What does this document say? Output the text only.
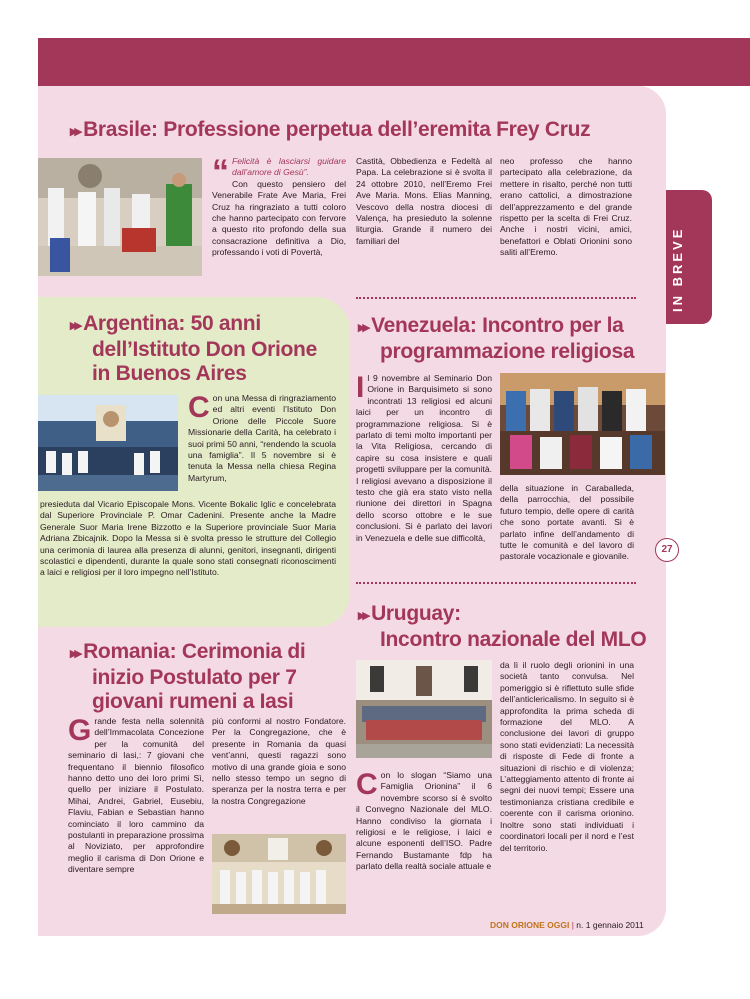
IN BREVE
▸▸ Brasile: Professione perpetua dell’eremita Frey Cruz
“ Felicità è lasciarsi guidare dall’amore di Gesù”.
Con questo pensiero del Venerabile Frate Ave Maria, Frei Cruz ha ringraziato a tutti coloro che hanno partecipato con fervore a questo rito profondo della sua consacrazione definitiva a Dio, professando i voti di Povertà,
Castità, Obbedienza e Fedeltà al Papa. La celebrazione si è svolta il 24 ottobre 2010, nell’Eremo Frei Ave Maria. Mons. Elias Manning, Vescovo della nostra diocesi di Valença, ha presieduto la solenne liturgia. Grande il numero dei familiari del
neo professo che hanno partecipato alla celebrazione, da mettere in risalto, perché non tutti erano cattolici, a dimostrazione dell’apprezzamento e del grande rispetto per la scelta di Frei Cruz. Anche i nostri vicini, amici, benefattori e Oblati Orionini sono saliti all’Eremo.
▸▸ Argentina: 50 anni
dell’Istituto Don Orione
in Buenos Aires
Con una Messa di ringraziamento ed altri eventi l’Istituto Don Orione delle Piccole Suore Missionarie della Carità, ha celebrato i suoi primi 50 anni, “rendendo la scuola una famiglia”. Il 5 novembre si è tenuta la Messa nella chiesa Regina Martyrum,
presieduta dal Vicario Episcopale Mons. Vicente Bokalic Iglic e concelebrata dal Superiore Provinciale P. Omar Cadenini. Presente anche la Madre Generale Suor Maria Irene Bizzotto e la Superiore provinciale Suor Maria Adriana Zbicajnik. Dopo la Messa si è svolta presso le strutture del Collegio una cerimonia di laurea alla presenza di alunni, genitori, insegnanti, dirigenti scolastici e dipendenti, durante la quale sono stati consegnati riconoscimenti a laici e religiosi per il loro impegno nell’Istituto.
▸▸ Venezuela: Incontro per la
programmazione religiosa
Il 9 novembre al Seminario Don Orione in Barquisimeto si sono incontrati 13 religiosi ed alcuni laici per un incontro di programmazione religiosa. Si è parlato di temi molto importanti per la Vita Religiosa, cercando di capire su cosa insistere e quali progetti sviluppare per la comunità. I religiosi avevano a disposizione il testo che già era stato visto nella riunione dei direttori in Spagna dello scorso ottobre e le sue conclusioni. Si è parlato dei lavori in Venezuela e delle sue difficoltà,
della situazione in Caraballeda, della parrocchia, del possibile futuro tempio, delle opere di carità che sono portate avanti. Si è parlato infine dell’andamento di tutte le comunità e del lavoro di pastorale vocazionale e giovanile.
▸▸ Romania: Cerimonia di
inizio Postulato per 7
giovani rumeni a Iasi
Grande festa nella solennità dell’Immacolata Concezione per la comunità del seminario di Iasi,: 7 giovani che frequentano il biennio filosofico hanno detto uno dei loro primi Sì, quello per iniziare il Postulato. Mihai, Andrei, Gabriel, Eusebiu, Flaviu, Fabian e Sebastian hanno cominciato il loro cammino da postulanti in preparazione prossima al Noviziato, per approfondire meglio il carisma di Don Orione e diventare sempre
più conformi al nostro Fondatore. Per la Congregazione, che è presente in Romania da quasi vent’anni, questi ragazzi sono motivo di una grande gioia e sono nello stesso tempo un segno di speranza per la nostra terra e per la nostra Congregazione
▸▸ Uruguay:
Incontro nazionale del MLO
Con lo slogan “Siamo una Famiglia Orionina” il 6 novembre scorso si è svolto il Convegno Nazionale del MLO. Hanno condiviso la giornata i religiosi e le religiose, i laici e alcune esponenti dell’ISO. Padre Fernando Bustamante fdp ha parlato della realtà sociale attuale e
da lì il ruolo degli orionini in una società tanto convulsa. Nel pomeriggio si è riflettuto sulle sfide dell’anticlericalismo. In seguito si è approfondita la prima scheda di formazione del MLO. A conclusione dei lavori di gruppo sono stati evidenziati: La necessità di risposte di Fede di fronte a situazioni di rischio e di violenza; L’atteggiamento attento di fronte ai segni dei nuovi tempi; Essere una testimonianza cristiana credibile e coerente con il carisma orionino. Inoltre sono stati individuati i coordinatori locali per il nord e l’est del territorio.
27
DON ORIONE OGGI | n. 1 gennaio 2011
